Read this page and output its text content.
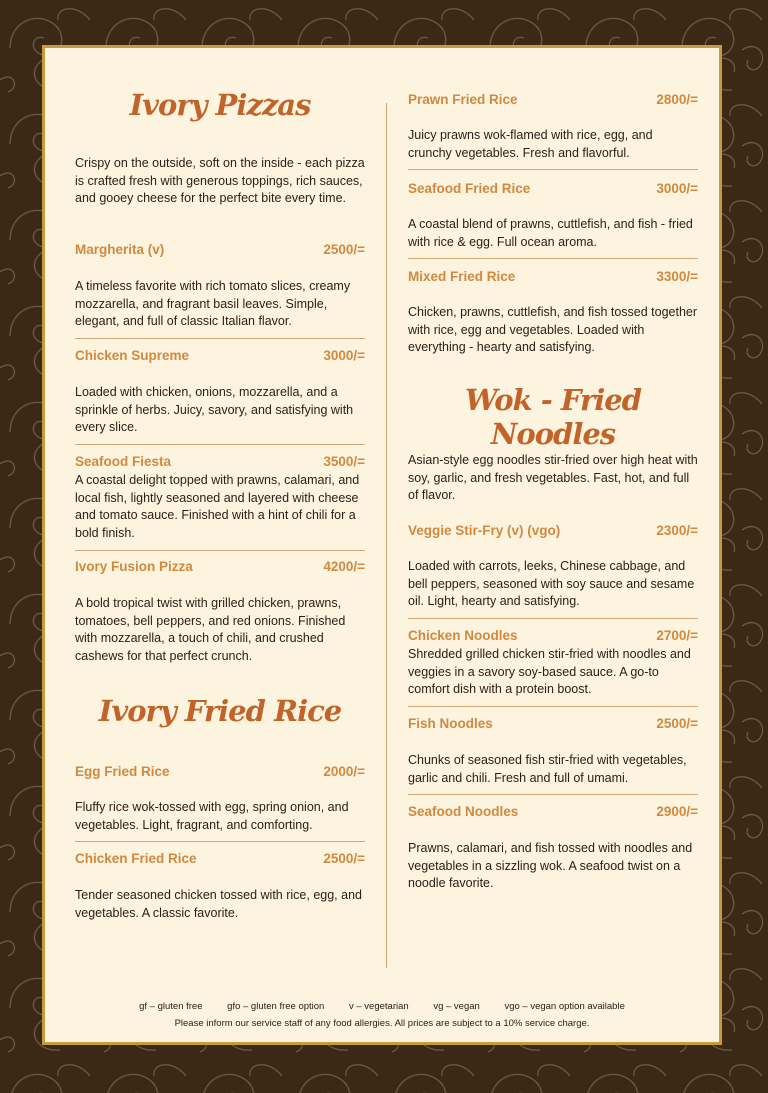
Ivory Pizzas

Crispy on the outside, soft on the inside - each pizza is crafted fresh with generous toppings, rich sauces, and gooey cheese for the perfect bite every time.

Margherita (v)	2500/=

A timeless favorite with rich tomato slices, creamy mozzarella, and fragrant basil leaves. Simple, elegant, and full of classic Italian flavor.

Chicken Supreme	3000/=

Loaded with chicken, onions, mozzarella, and a sprinkle of herbs. Juicy, savory, and satisfying with every slice.

Seafood Fiesta	3500/=

A coastal delight topped with prawns, calamari, and local fish, lightly seasoned and layered with cheese and tomato sauce. Finished with a hint of chili for a bold finish.

Ivory Fusion Pizza	4200/=

A bold tropical twist with grilled chicken, prawns, tomatoes, bell peppers, and red onions. Finished with mozzarella, a touch of chili, and crushed cashews for that perfect crunch.

Ivory Fried Rice
Egg Fried Rice	2000/=

Fluffy rice wok-tossed with egg, spring onion, and vegetables. Light, fragrant, and comforting.

Chicken Fried Rice	2500/=

Tender seasoned chicken tossed with rice, egg, and vegetables. A classic favorite.

Prawn Fried Rice	2800/=

Juicy prawns wok-flamed with rice, egg, and crunchy vegetables. Fresh and flavorful.

Seafood Fried Rice	3000/=

A coastal blend of prawns, cuttlefish, and fish - fried with rice & egg. Full ocean aroma.

Mixed Fried Rice	3300/=

Chicken, prawns, cuttlefish, and fish tossed together with rice, egg and vegetables. Loaded with everything - hearty and satisfying.

Wok - Fried Noodles

Asian-style egg noodles stir-fried over high heat with soy, garlic, and fresh vegetables. Fast, hot, and full of flavor.

Veggie Stir-Fry (v) (vgo)	2300/=

Loaded with carrots, leeks, Chinese cabbage, and bell peppers, seasoned with soy sauce and sesame oil. Light, hearty and satisfying.

Chicken Noodles	2700/=

Shredded grilled chicken stir-fried with noodles and veggies in a savory soy-based sauce. A go-to comfort dish with a protein boost.

Fish Noodles	2500/=

Chunks of seasoned fish stir-fried with vegetables, garlic and chili. Fresh and full of umami.

Seafood Noodles	2900/=

Prawns, calamari, and fish tossed with noodles and vegetables in a sizzling wok. A seafood twist on a noodle favorite.

gf – gluten free	gfo – gluten free option	v – vegetarian	vg – vegan	vgo – vegan option available
Please inform our service staff of any food allergies. All prices are subject to a 10% service charge.
